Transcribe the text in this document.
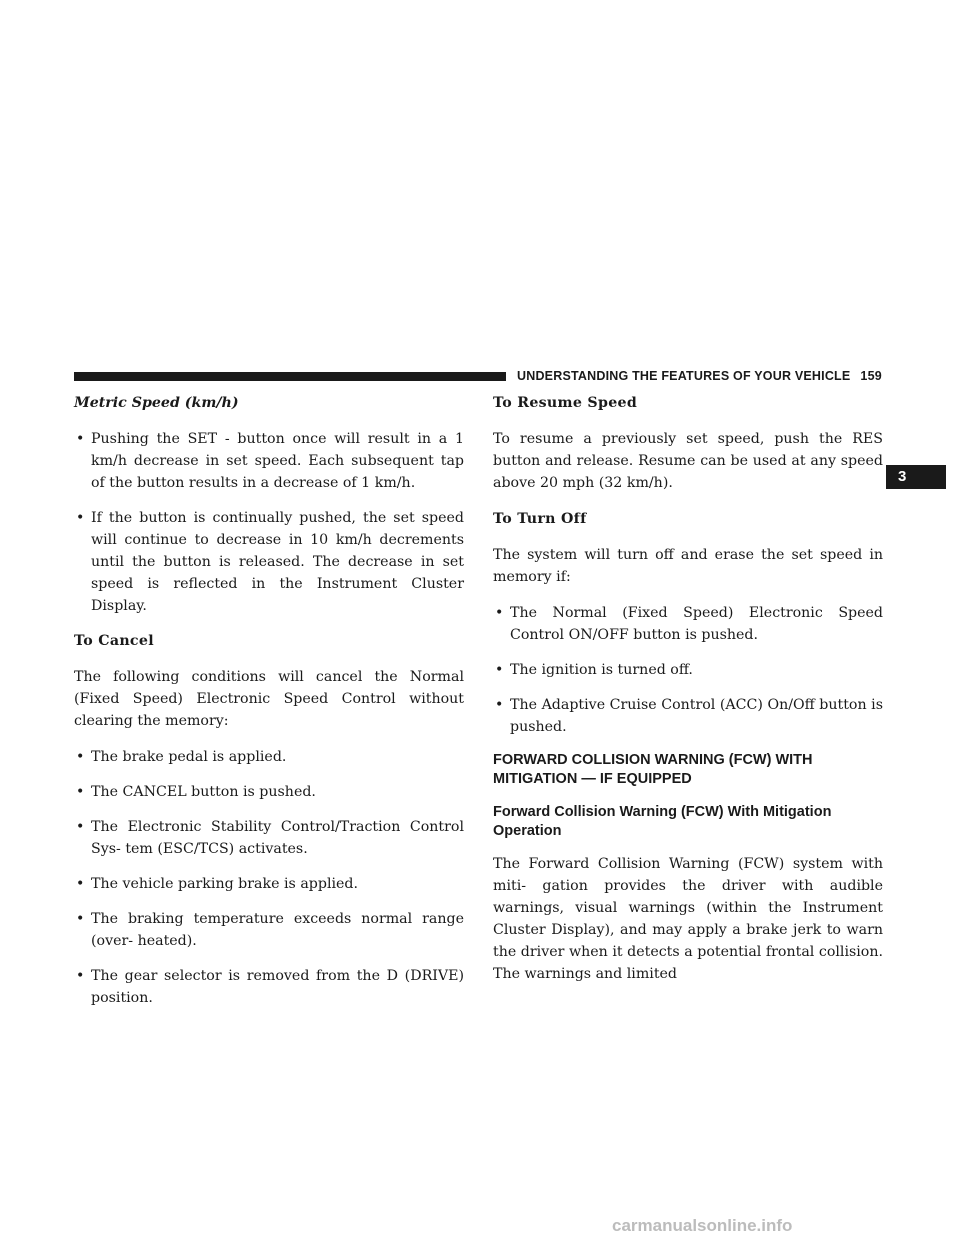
UNDERSTANDING THE FEATURES OF YOUR VEHICLE 159
3
Metric Speed (km/h)
• Pushing the SET - button once will result in a 1 km/h decrease in set speed. Each subsequent tap of the button results in a decrease of 1 km/h.
• If the button is continually pushed, the set speed will continue to decrease in 10 km/h decrements until the button is released. The decrease in set speed is reflected in the Instrument Cluster Display.
To Cancel

The following conditions will cancel the Normal (Fixed Speed) Electronic Speed Control without clearing the memory:

• The brake pedal is applied.
• The CANCEL button is pushed.
• The Electronic Stability Control/Traction Control Sys- tem (ESC/TCS) activates.
• The vehicle parking brake is applied.
• The braking temperature exceeds normal range (over- heated).
• The gear selector is removed from the D (DRIVE) position.
To Resume Speed

To resume a previously set speed, push the RES button and release. Resume can be used at any speed above 20 mph (32 km/h).

To Turn Off

The system will turn off and erase the set speed in memory if:

• The Normal (Fixed Speed) Electronic Speed Control ON/OFF button is pushed.
• The ignition is turned off.
• The Adaptive Cruise Control (ACC) On/Off button is pushed.
FORWARD COLLISION WARNING (FCW) WITH MITIGATION — IF EQUIPPED
Forward Collision Warning (FCW) With Mitigation Operation

The Forward Collision Warning (FCW) system with miti- gation provides the driver with audible warnings, visual warnings (within the Instrument Cluster Display), and may apply a brake jerk to warn the driver when it detects a potential frontal collision. The warnings and limited

carmanualsonline.info
